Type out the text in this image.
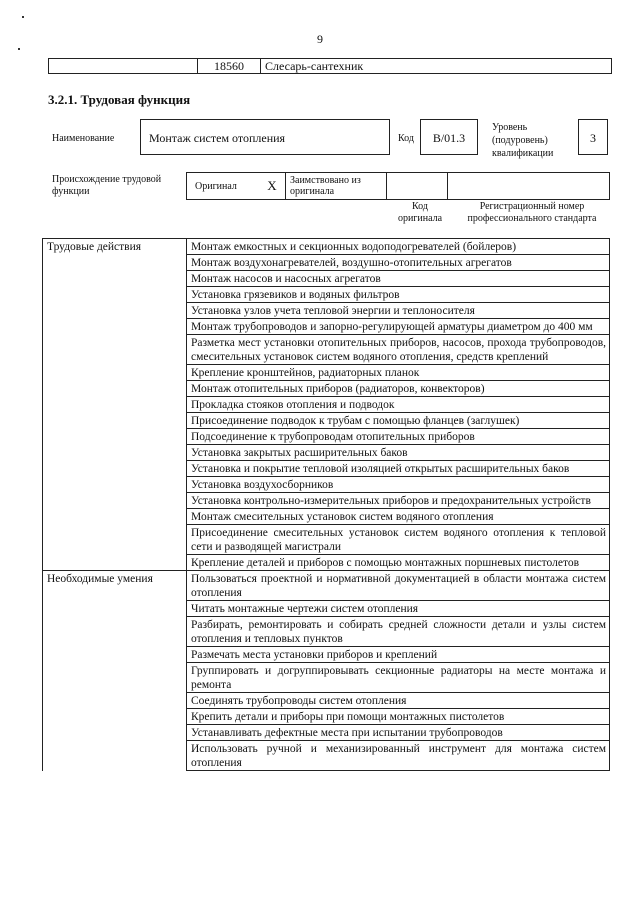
9
	18560	Слесарь-сантехник
3.2.1. Трудовая функция
Наименование	Монтаж систем отопления	Код	B/01.3
Уровень (подуровень) квалификации
3
Происхождение трудовой функции	Оригинал	X	Заимствовано из оригинала		
Код оригинала
Регистрационный номер профессионального стандарта
Трудовые действия	Монтаж емкостных и секционных водоподогревателей (бойлеров)
	Монтаж воздухонагревателей, воздушно-отопительных агрегатов
	Монтаж насосов и насосных агрегатов
	Установка грязевиков и водяных фильтров
	Установка узлов учета тепловой энергии и теплоносителя
	Монтаж трубопроводов и запорно-регулирующей арматуры диаметром до 400 мм
	Разметка мест установки отопительных приборов, насосов, прохода трубопроводов, смесительных установок систем водяного отопления, средств креплений
	Крепление кронштейнов, радиаторных планок
	Монтаж отопительных приборов (радиаторов, конвекторов)
	Прокладка стояков отопления и подводок
	Присоединение подводок к трубам с помощью фланцев (заглушек)
	Подсоединение к трубопроводам отопительных приборов
	Установка закрытых расширительных баков
	Установка и покрытие тепловой изоляцией открытых расширительных баков
	Установка воздухосборников
	Установка контрольно-измерительных приборов и предохранительных устройств
	Монтаж смесительных установок систем водяного отопления
	Присоединение смесительных установок систем водяного отопления к тепловой сети и разводящей магистрали
	Крепление деталей и приборов с помощью монтажных поршневых пистолетов
Необходимые умения	Пользоваться проектной и нормативной документацией в области монтажа систем отопления
	Читать монтажные чертежи систем отопления
	Разбирать, ремонтировать и собирать средней сложности детали и узлы систем отопления и тепловых пунктов
	Размечать места установки приборов и креплений
	Группировать и догруппировывать секционные радиаторы на месте монтажа и ремонта
	Соединять трубопроводы систем отопления
	Крепить детали и приборы при помощи монтажных пистолетов
	Устанавливать дефектные места при испытании трубопроводов
	Использовать ручной и механизированный инструмент для монтажа систем отопления
